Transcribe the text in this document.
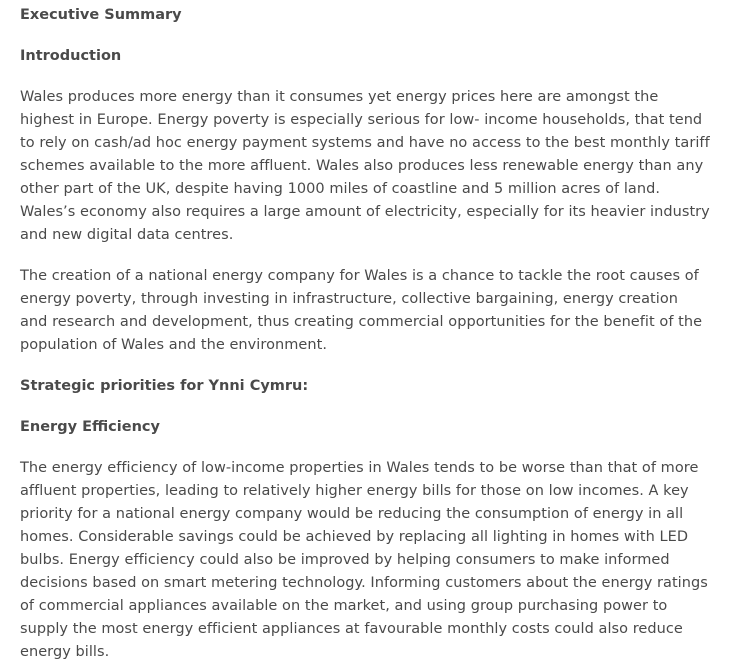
Executive Summary
Introduction

Wales produces more energy than it consumes yet energy prices here are amongst the highest in Europe. Energy poverty is especially serious for low- income households, that tend to rely on cash/ad hoc energy payment systems and have no access to the best monthly tariff schemes available to the more affluent. Wales also produces less renewable energy than any other part of the UK, despite having 1000 miles of coastline and 5 million acres of land. Wales’s economy also requires a large amount of electricity, especially for its heavier industry and new digital data centres.

The creation of a national energy company for Wales is a chance to tackle the root causes of energy poverty, through investing in infrastructure, collective bargaining, energy creation and research and development, thus creating commercial opportunities for the benefit of the population of Wales and the environment.

Strategic priorities for Ynni Cymru:
Energy Efficiency

The energy efficiency of low-income properties in Wales tends to be worse than that of more affluent properties, leading to relatively higher energy bills for those on low incomes. A key priority for a national energy company would be reducing the consumption of energy in all homes. Considerable savings could be achieved by replacing all lighting in homes with LED bulbs. Energy efficiency could also be improved by helping consumers to make informed decisions based on smart metering technology. Informing customers about the energy ratings of commercial appliances available on the market, and using group purchasing power to supply the most energy efficient appliances at favourable monthly costs could also reduce energy bills.
